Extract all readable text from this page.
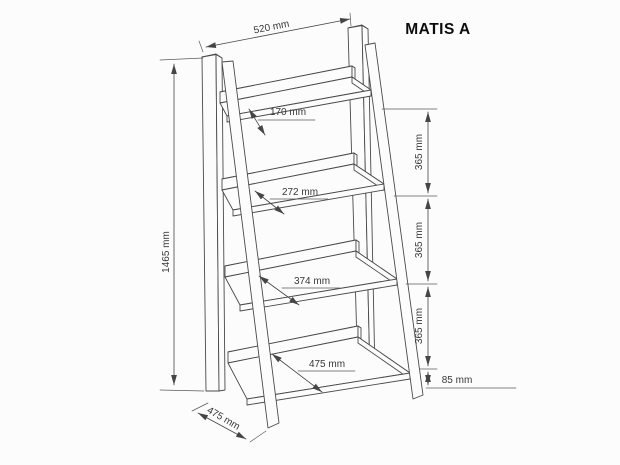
520 mm
1465 mm
365 mm
365 mm
365 mm
85 mm
170 mm
272 mm
374 mm
475 mm
475 mm
MATIS A
